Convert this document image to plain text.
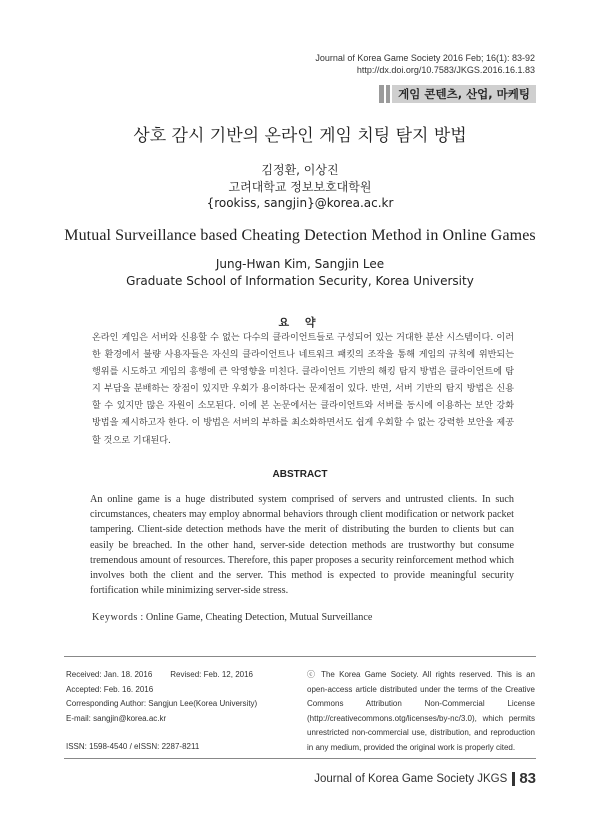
Journal of Korea Game Society 2016 Feb; 16(1): 83-92
http://dx.doi.org/10.7583/JKGS.2016.16.1.83
게임 콘텐츠, 산업, 마케팅
상호 감시 기반의 온라인 게임 치팅 탐지 방법
김정환, 이상진
고려대학교 정보보호대학원
{rookiss, sangjin}@korea.ac.kr
Mutual Surveillance based Cheating Detection Method in Online Games
Jung-Hwan Kim, Sangjin Lee
Graduate School of Information Security, Korea University
요 약
온라인 게임은 서버와 신용할 수 없는 다수의 클라이언트들로 구성되어 있는 거대한 분산 시스템이다. 이러한 환경에서 불량 사용자들은 자신의 클라이언트나 네트워크 패킷의 조작을 통해 게임의 규칙에 위반되는 행위를 시도하고 게임의 흥행에 큰 악영향을 미친다. 클라이언트 기반의 해킹 탐지 방법은 클라이언트에 탐지 부담을 분배하는 장점이 있지만 우회가 용이하다는 문제점이 있다. 반면, 서버 기반의 탐지 방법은 신용할 수 있지만 많은 자원이 소모된다. 이에 본 논문에서는 클라이언트와 서버를 동시에 이용하는 보안 강화 방법을 제시하고자 한다. 이 방법은 서버의 부하를 최소화하면서도 쉽게 우회할 수 없는 강력한 보안을 제공할 것으로 기대된다.
ABSTRACT
An online game is a huge distributed system comprised of servers and untrusted clients. In such circumstances, cheaters may employ abnormal behaviors through client modification or network packet tampering. Client-side detection methods have the merit of distributing the burden to clients but can easily be breached. In the other hand, server-side detection methods are trustworthy but consume tremendous amount of resources. Therefore, this paper proposes a security reinforcement method which involves both the client and the server. This method is expected to provide meaningful security fortification while minimizing server-side stress.
Keywords : Online Game, Cheating Detection, Mutual Surveillance
Received: Jan. 18. 2016 Revised: Feb. 12, 2016
Accepted: Feb. 16. 2016
Corresponding Author: Sangjun Lee(Korea University)
E-mail: sangjin@korea.ac.kr
ISSN: 1598-4540 / eISSN: 2287-8211
ⓒ The Korea Game Society. All rights reserved. This is an open-access article distributed under the terms of the Creative Commons Attribution Non-Commercial License (http://creativecommons.otg/licenses/by-nc/3.0), which permits unrestricted non-commercial use, distribution, and reproduction in any medium, provided the original work is properly cited.
Journal of Korea Game Society JKGS 83
